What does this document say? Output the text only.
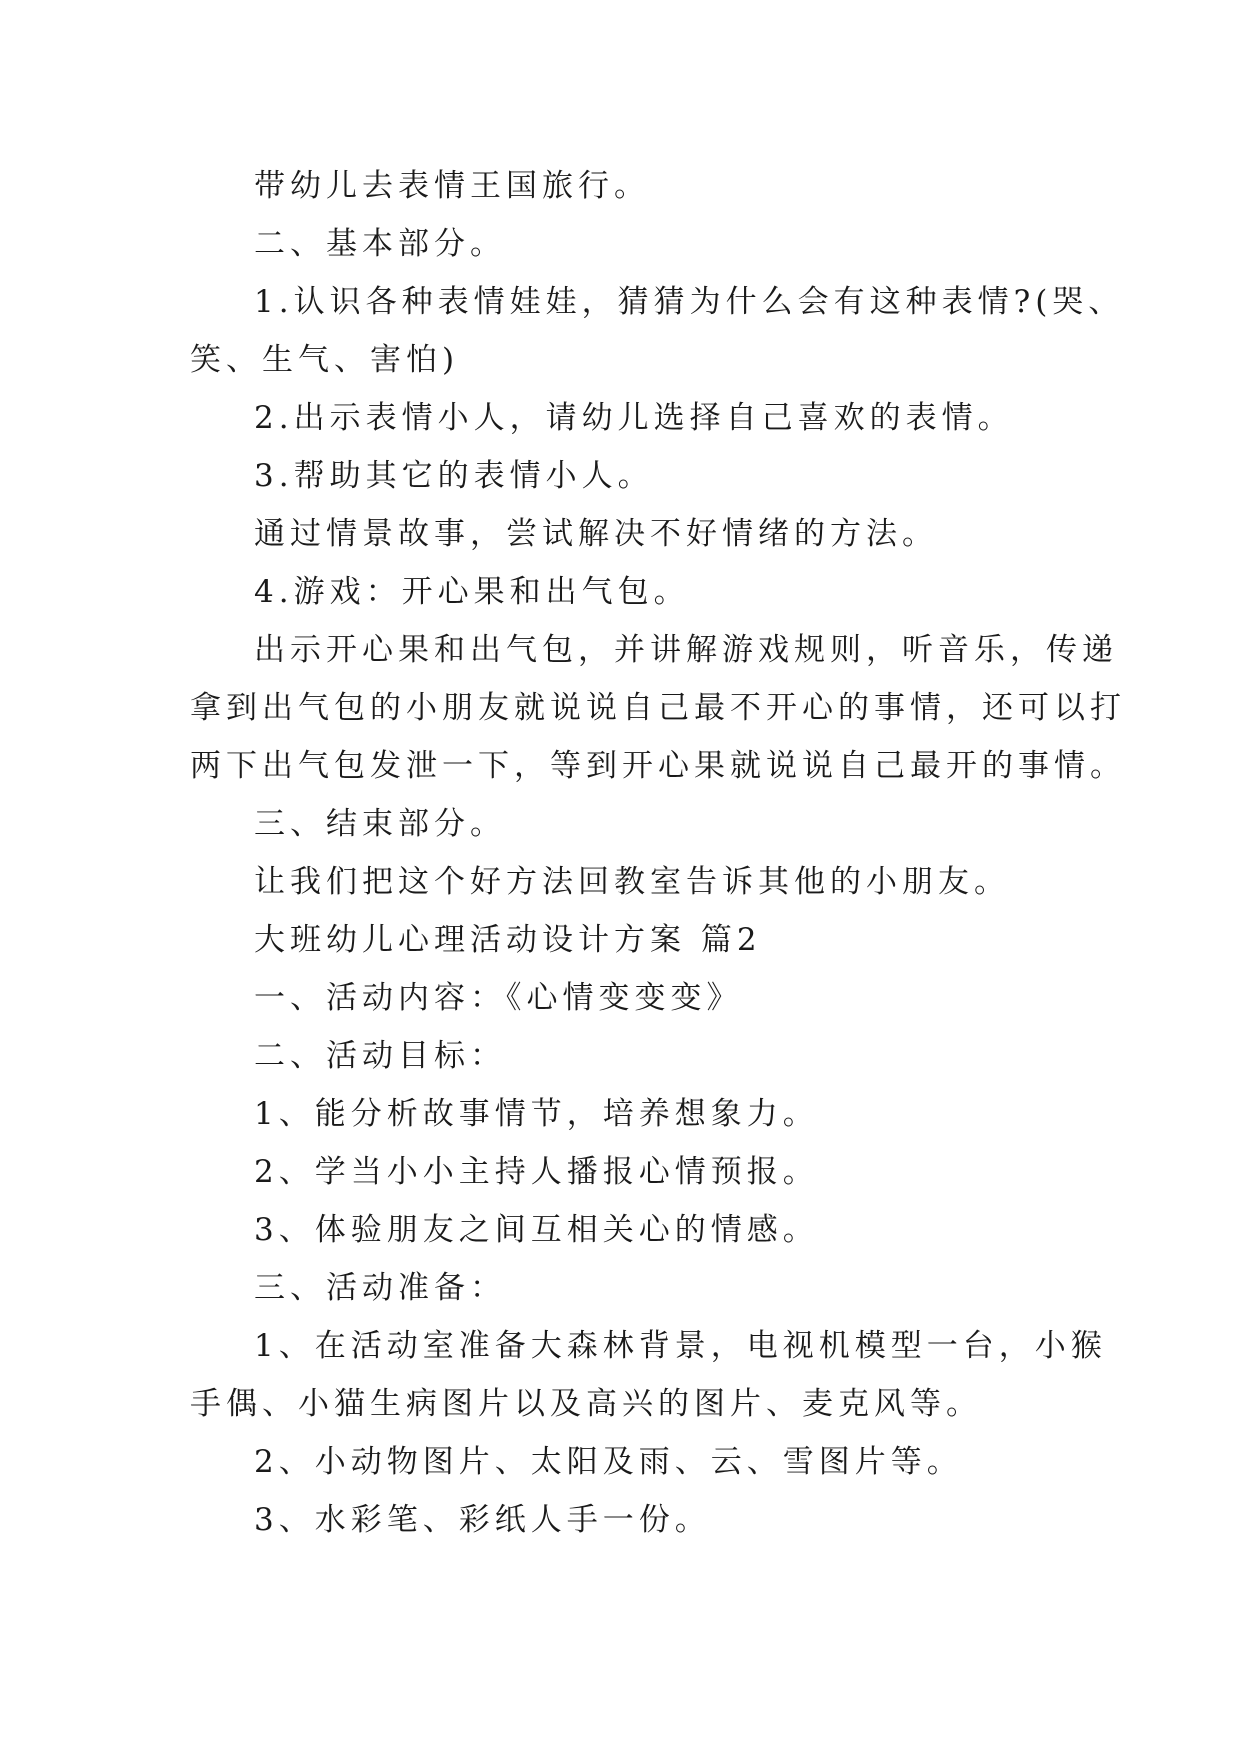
带幼儿去表情王国旅行。
二、基本部分。
1.认识各种表情娃娃，猜猜为什么会有这种表情?(哭、
笑、生气、害怕)
2.出示表情小人，请幼儿选择自己喜欢的表情。
3.帮助其它的表情小人。
通过情景故事，尝试解决不好情绪的方法。
4.游戏：开心果和出气包。
出示开心果和出气包，并讲解游戏规则，听音乐，传递
拿到出气包的小朋友就说说自己最不开心的事情，还可以打
两下出气包发泄一下，等到开心果就说说自己最开的事情。
三、结束部分。
让我们把这个好方法回教室告诉其他的小朋友。
大班幼儿心理活动设计方案 篇2
一、活动内容：《心情变变变》
二、活动目标：
1、能分析故事情节，培养想象力。
2、学当小小主持人播报心情预报。
3、体验朋友之间互相关心的情感。
三、活动准备：
1、在活动室准备大森林背景，电视机模型一台，小猴
手偶、小猫生病图片以及高兴的图片、麦克风等。
2、小动物图片、太阳及雨、云、雪图片等。
3、水彩笔、彩纸人手一份。
